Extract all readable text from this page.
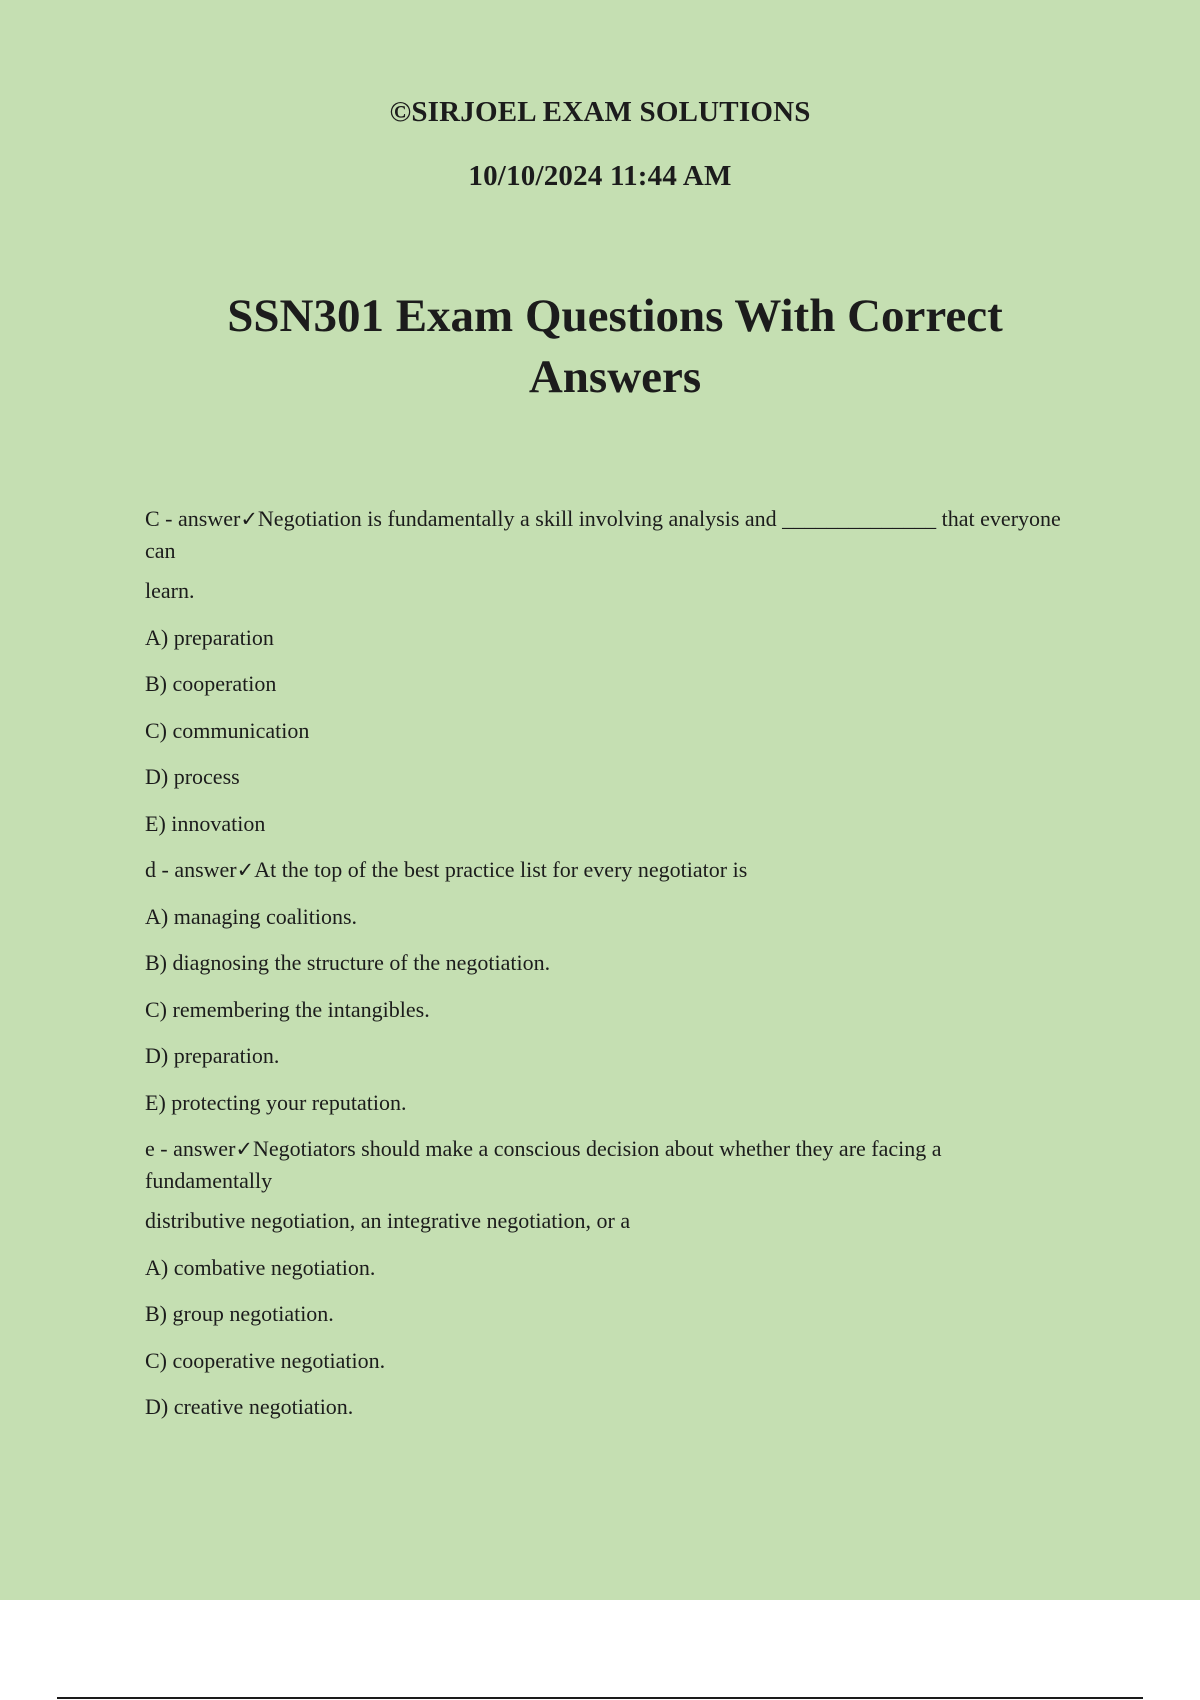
©SIRJOEL EXAM SOLUTIONS
10/10/2024 11:44 AM
SSN301 Exam Questions With Correct Answers

C - answer✓Negotiation is fundamentally a skill involving analysis and ______________ that everyone can

learn.

A) preparation

B) cooperation

C) communication

D) process

E) innovation

d - answer✓At the top of the best practice list for every negotiator is

A) managing coalitions.

B) diagnosing the structure of the negotiation.

C) remembering the intangibles.

D) preparation.

E) protecting your reputation.

e - answer✓Negotiators should make a conscious decision about whether they are facing a fundamentally

distributive negotiation, an integrative negotiation, or a

A) combative negotiation.

B) group negotiation.

C) cooperative negotiation.

D) creative negotiation.
